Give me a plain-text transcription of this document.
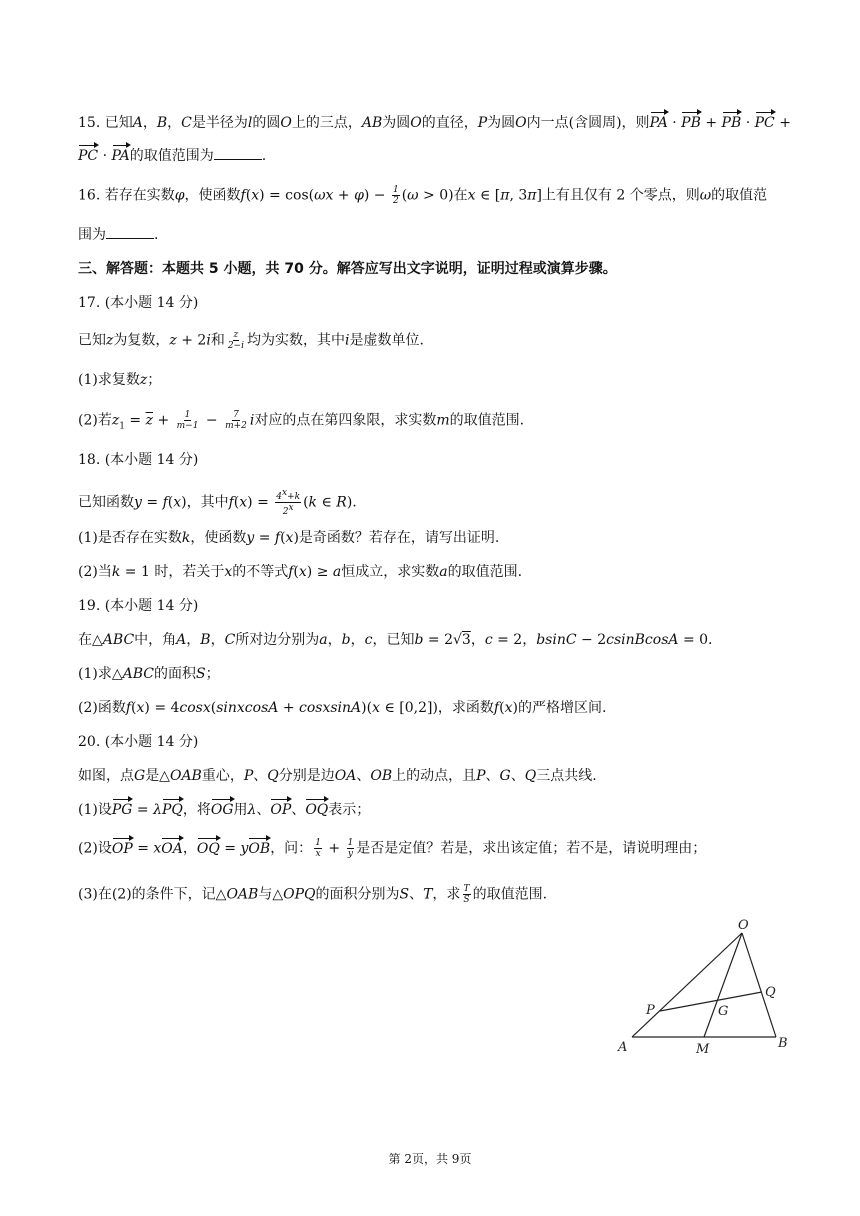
15. 已知A，B，C是半径为l的圆O上的三点，AB为圆O的直径，P为圆O内一点(含圆周)，则PA · PB + PB · PC +
PC · PA的取值范围为	.
16. 若存在实数φ，使函数$f(x) = \cos(\omega x + \varphi) - \frac{1}{2} (\omega > 0)$在x ∈ [π, 3π]上有且仅有 2 个零点，则ω的取值范
围为	.
三、解答题：本题共 5 小题，共 70 分。解答应写出文字说明，证明过程或演算步骤。
17. (本小题 14 分)
已知z为复数，z + 2i和 $\frac{z}{2-i}$ 均为实数，其中i是虚数单位.
(1)求复数z；
(2)若$z_1 = \overline{z} + \frac{1}{m-1} - \frac{7}{m+2}$ i对应的点在第四象限，求实数m的取值范围.
18. (本小题 14 分)
已知函数y = f(x)，其中$f(x) = \frac{4^x+k}{2^x} (k$ ∈ R).
(1)是否存在实数k，使函数y = f(x)是奇函数？若存在，请写出证明.
(2)当k = 1 时，若关于x的不等式f(x) ≥ a恒成立，求实数a的取值范围.
19. (本小题 14 分)
在△ABC中，角A，B，C所对边分别为a，b，c，已知b = 2√3，c = 2，bsinC − 2csinBcosA = 0.
(1)求△ABC的面积S；
(2)函数f(x) = 4cosx(sinxcosA + cosxsinA)(x ∈ [0,2])，求函数f(x)的严格增区间.
20. (本小题 14 分)
如图，点G是△OAB重心，P、Q分别是边OA、OB上的动点，且P、G、Q三点共线.
(1)设PG = λPQ，将OG用λ、OP、OQ表示；
(2)设OP = xOA，OQ = yOB，问： $\frac{1}{x} + \frac{1}{y}$ 是否是定值？若是，求出该定值；若不是，请说明理由；
(3)在(2)的条件下，记△OAB与△OPQ的面积分别为S、T，求 $\frac{T}{S}$ 的取值范围.
O
A	B
P
Q
G
M
第 2页，共 9页
